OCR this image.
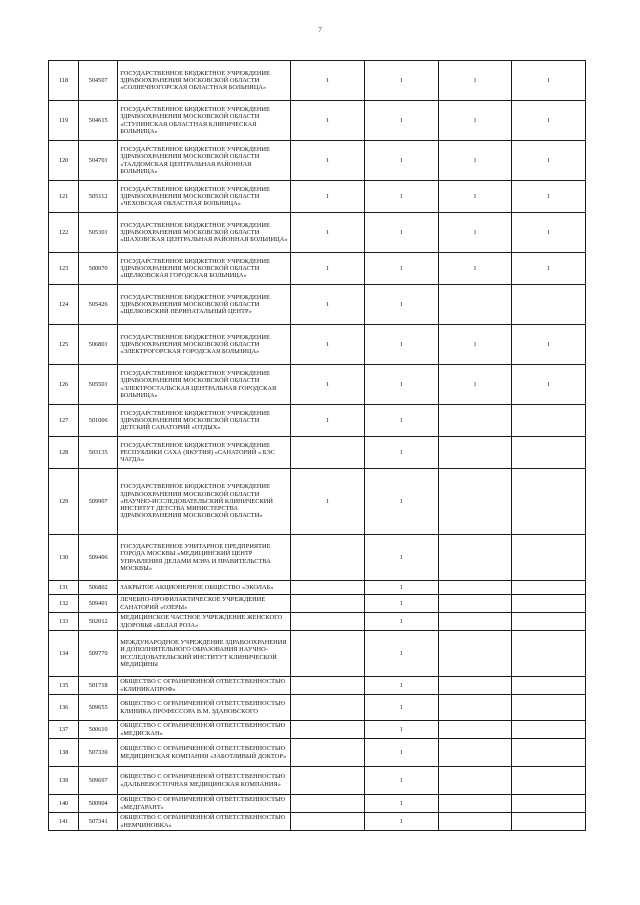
7
118	504507	ГОСУДАРСТВЕННОЕ БЮДЖЕТНОЕ УЧРЕЖДЕНИЕ ЗДРАВООХРАНЕНИЯ МОСКОВСКОЙ ОБЛАСТИ «СОЛНЕЧНОГОРСКАЯ ОБЛАСТНАЯ БОЛЬНИЦА»	1	1	1	1
119	504615	ГОСУДАРСТВЕННОЕ БЮДЖЕТНОЕ УЧРЕЖДЕНИЕ ЗДРАВООХРАНЕНИЯ МОСКОВСКОЙ ОБЛАСТИ «СТУПИНСКАЯ ОБЛАСТНАЯ КЛИНИЧЕСКАЯ БОЛЬНИЦА»	1	1	1	1
120	504701	ГОСУДАРСТВЕННОЕ БЮДЖЕТНОЕ УЧРЕЖДЕНИЕ ЗДРАВООХРАНЕНИЯ МОСКОВСКОЙ ОБЛАСТИ «ТАЛДОМСКАЯ ЦЕНТРАЛЬНАЯ РАЙОННАЯ БОЛЬНИЦА»	1	1	1	1
121	505112	ГОСУДАРСТВЕННОЕ БЮДЖЕТНОЕ УЧРЕЖДЕНИЕ ЗДРАВООХРАНЕНИЯ МОСКОВСКОЙ ОБЛАСТИ «ЧЕХОВСКАЯ ОБЛАСТНАЯ БОЛЬНИЦА»	1	1	1	1
122	505301	ГОСУДАРСТВЕННОЕ БЮДЖЕТНОЕ УЧРЕЖДЕНИЕ ЗДРАВООХРАНЕНИЯ МОСКОВСКОЙ ОБЛАСТИ «ШАХОВСКАЯ ЦЕНТРАЛЬНАЯ РАЙОННАЯ БОЛЬНИЦА»	1	1	1	1
123	500070	ГОСУДАРСТВЕННОЕ БЮДЖЕТНОЕ УЧРЕЖДЕНИЕ ЗДРАВООХРАНЕНИЯ МОСКОВСКОЙ ОБЛАСТИ «ЩЕЛКОВСКАЯ ГОРОДСКАЯ БОЛЬНИЦА»	1	1	1	1
124	505426	ГОСУДАРСТВЕННОЕ БЮДЖЕТНОЕ УЧРЕЖДЕНИЕ ЗДРАВООХРАНЕНИЯ МОСКОВСКОЙ ОБЛАСТИ «ЩЕЛКОВСКИЙ ПЕРИНАТАЛЬНЫЙ ЦЕНТР»	1	1		
125	506801	ГОСУДАРСТВЕННОЕ БЮДЖЕТНОЕ УЧРЕЖДЕНИЕ ЗДРАВООХРАНЕНИЯ МОСКОВСКОЙ ОБЛАСТИ «ЭЛЕКТРОГОРСКАЯ ГОРОДСКАЯ БОЛЬНИЦА»	1	1	1	1
126	505501	ГОСУДАРСТВЕННОЕ БЮДЖЕТНОЕ УЧРЕЖДЕНИЕ ЗДРАВООХРАНЕНИЯ МОСКОВСКОЙ ОБЛАСТИ «ЭЛЕКТРОСТАЛЬСКАЯ ЦЕНТРАЛЬНАЯ ГОРОДСКАЯ БОЛЬНИЦА»	1	1	1	1
127	501006	ГОСУДАРСТВЕННОЕ БЮДЖЕТНОЕ УЧРЕЖДЕНИЕ ЗДРАВООХРАНЕНИЯ МОСКОВСКОЙ ОБЛАСТИ ДЕТСКИЙ САНАТОРИЙ «ОТДЫХ»	1	1		
128	503135	ГОСУДАРСТВЕННОЕ БЮДЖЕТНОЕ УЧРЕЖДЕНИЕ РЕСПУБЛИКИ САХА (ЯКУТИЯ) «САНАТОРИЙ « БЭС ЧАГДА»		1		
129	509907	ГОСУДАРСТВЕННОЕ БЮДЖЕТНОЕ УЧРЕЖДЕНИЕ ЗДРАВООХРАНЕНИЯ МОСКОВСКОЙ ОБЛАСТИ «НАУЧНО-ИССЛЕДОВАТЕЛЬСКИЙ КЛИНИЧЕСКИЙ ИНСТИТУТ ДЕТСТВА МИНИСТЕРСТВА ЗДРАВООХРАНЕНИЯ МОСКОВСКОЙ ОБЛАСТИ»	1	1		
130	509406	ГОСУДАРСТВЕННОЕ УНИТАРНОЕ ПРЕДПРИЯТИЕ ГОРОДА МОСКВЫ «МЕДИЦИНСКИЙ ЦЕНТР УПРАВЛЕНИЯ ДЕЛАМИ МЭРА И ПРАВИТЕЛЬСТВА МОСКВЫ»		1		
131	506802	ЗАКРЫТОЕ АКЦИОНЕРНОЕ ОБЩЕСТВО «ЭКОЛАБ»		1		
132	509401	ЛЕЧЕБНО-ПРОФИЛАКТИЧЕСКОЕ УЧРЕЖДЕНИЕ САНАТОРИЙ «ОЗЕРЫ»		1		
133	502012	МЕДИЦИНСКОЕ ЧАСТНОЕ УЧРЕЖДЕНИЕ ЖЕНСКОГО ЗДОРОВЬЯ «БЕЛАЯ РОЗА»		1		
134	509770	МЕЖДУНАРОДНОЕ УЧРЕЖДЕНИЕ ЗДРАВООХРАНЕНИЯ И ДОПОЛНИТЕЛЬНОГО ОБРАЗОВАНИЯ НАУЧНО-ИССЛЕДОВАТЕЛЬСКИЙ ИНСТИТУТ КЛИНИЧЕСКОЙ МЕДИЦИНЫ		1		
135	501718	ОБЩЕСТВО С ОГРАНИЧЕННОЙ ОТВЕТСТВЕННОСТЬЮ «КЛИНИКАПРОФ»		1		
136	509655	ОБЩЕСТВО С ОГРАНИЧЕННОЙ ОТВЕТСТВЕННОСТЬЮ КЛИНИКА ПРОФЕССОРА В.М. ЗДАНОВСКОГО		1		
137	500610	ОБЩЕСТВО С ОГРАНИЧЕННОЙ ОТВЕТСТВЕННОСТЬЮ «МЕДИСКАН»		1		
138	507330	ОБЩЕСТВО С ОГРАНИЧЕННОЙ ОТВЕТСТВЕННОСТЬЮ МЕДИЦИНСКАЯ КОМПАНИЯ «ЗАБОТЛИВЫЙ ДОКТОР»		1		
139	509697	ОБЩЕСТВО С ОГРАНИЧЕННОЙ ОТВЕТСТВЕННОСТЬЮ «ДАЛЬНЕВОСТОЧНАЯ МЕДИЦИНСКАЯ КОМПАНИЯ»		1		
140	500904	ОБЩЕСТВО С ОГРАНИЧЕННОЙ ОТВЕТСТВЕННОСТЬЮ «МЕДГАРАНТ»		1		
141	507341	ОБЩЕСТВО С ОГРАНИЧЕННОЙ ОТВЕТСТВЕННОСТЬЮ «НЕМЧИНОВКА»		1		
